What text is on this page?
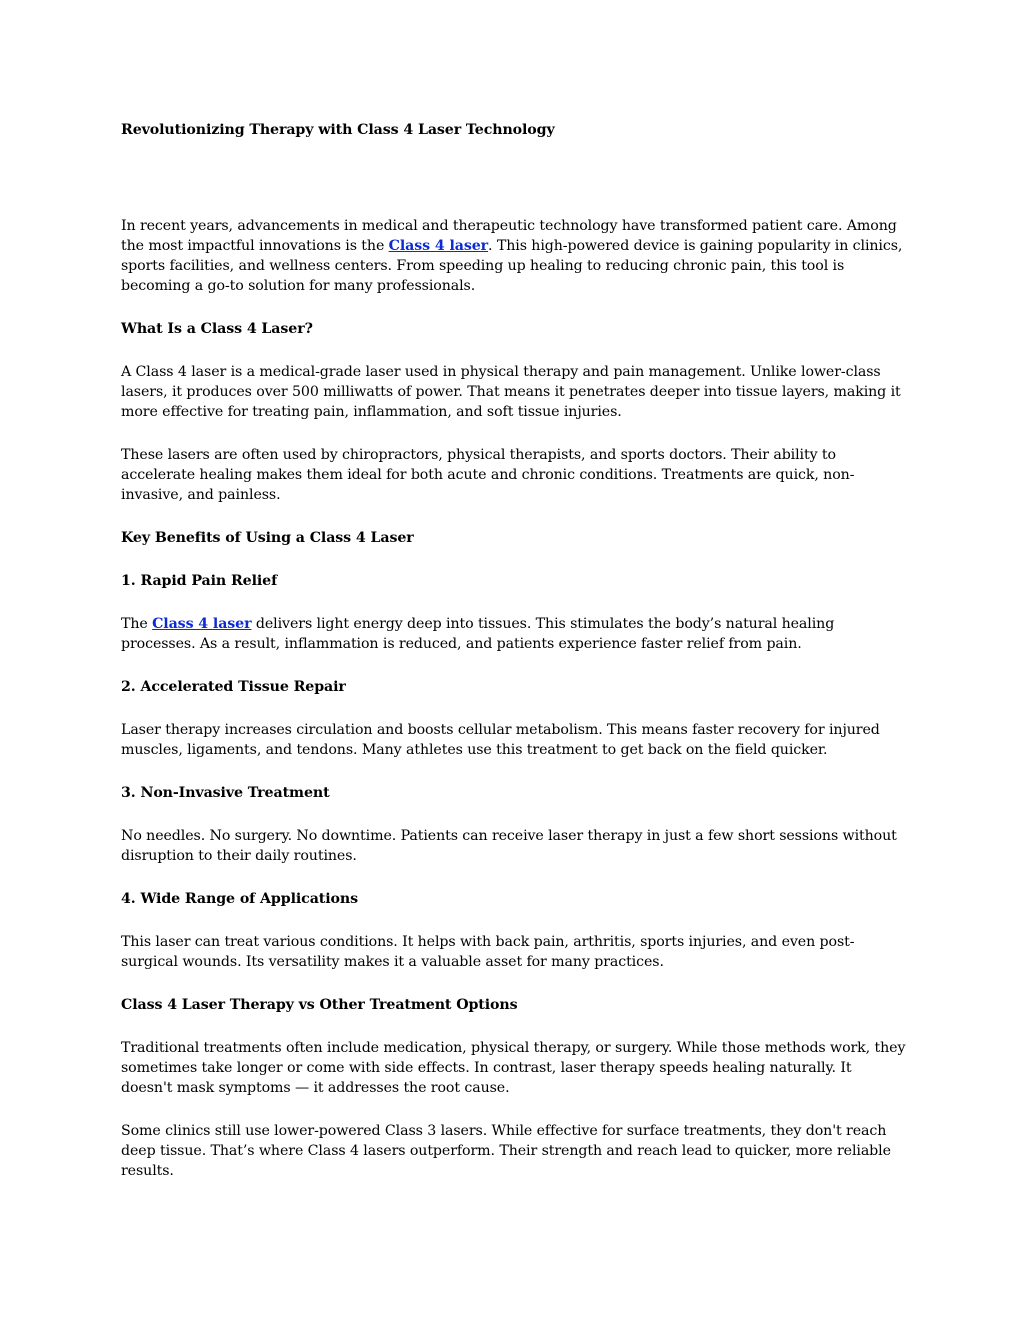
Revolutionizing Therapy with Class 4 Laser Technology

In recent years, advancements in medical and therapeutic technology have transformed patient care. Among the most impactful innovations is the Class 4 laser. This high-powered device is gaining popularity in clinics, sports facilities, and wellness centers. From speeding up healing to reducing chronic pain, this tool is becoming a go-to solution for many professionals.

What Is a Class 4 Laser?

A Class 4 laser is a medical-grade laser used in physical therapy and pain management. Unlike lower-class lasers, it produces over 500 milliwatts of power. That means it penetrates deeper into tissue layers, making it more effective for treating pain, inflammation, and soft tissue injuries.

These lasers are often used by chiropractors, physical therapists, and sports doctors. Their ability to accelerate healing makes them ideal for both acute and chronic conditions. Treatments are quick, non-invasive, and painless.

Key Benefits of Using a Class 4 Laser
1. Rapid Pain Relief

The Class 4 laser delivers light energy deep into tissues. This stimulates the body’s natural healing processes. As a result, inflammation is reduced, and patients experience faster relief from pain.

2. Accelerated Tissue Repair

Laser therapy increases circulation and boosts cellular metabolism. This means faster recovery for injured muscles, ligaments, and tendons. Many athletes use this treatment to get back on the field quicker.

3. Non-Invasive Treatment

No needles. No surgery. No downtime. Patients can receive laser therapy in just a few short sessions without disruption to their daily routines.

4. Wide Range of Applications

This laser can treat various conditions. It helps with back pain, arthritis, sports injuries, and even post-surgical wounds. Its versatility makes it a valuable asset for many practices.

Class 4 Laser Therapy vs Other Treatment Options

Traditional treatments often include medication, physical therapy, or surgery. While those methods work, they sometimes take longer or come with side effects. In contrast, laser therapy speeds healing naturally. It doesn't mask symptoms — it addresses the root cause.

Some clinics still use lower-powered Class 3 lasers. While effective for surface treatments, they don't reach deep tissue. That’s where Class 4 lasers outperform. Their strength and reach lead to quicker, more reliable results.
